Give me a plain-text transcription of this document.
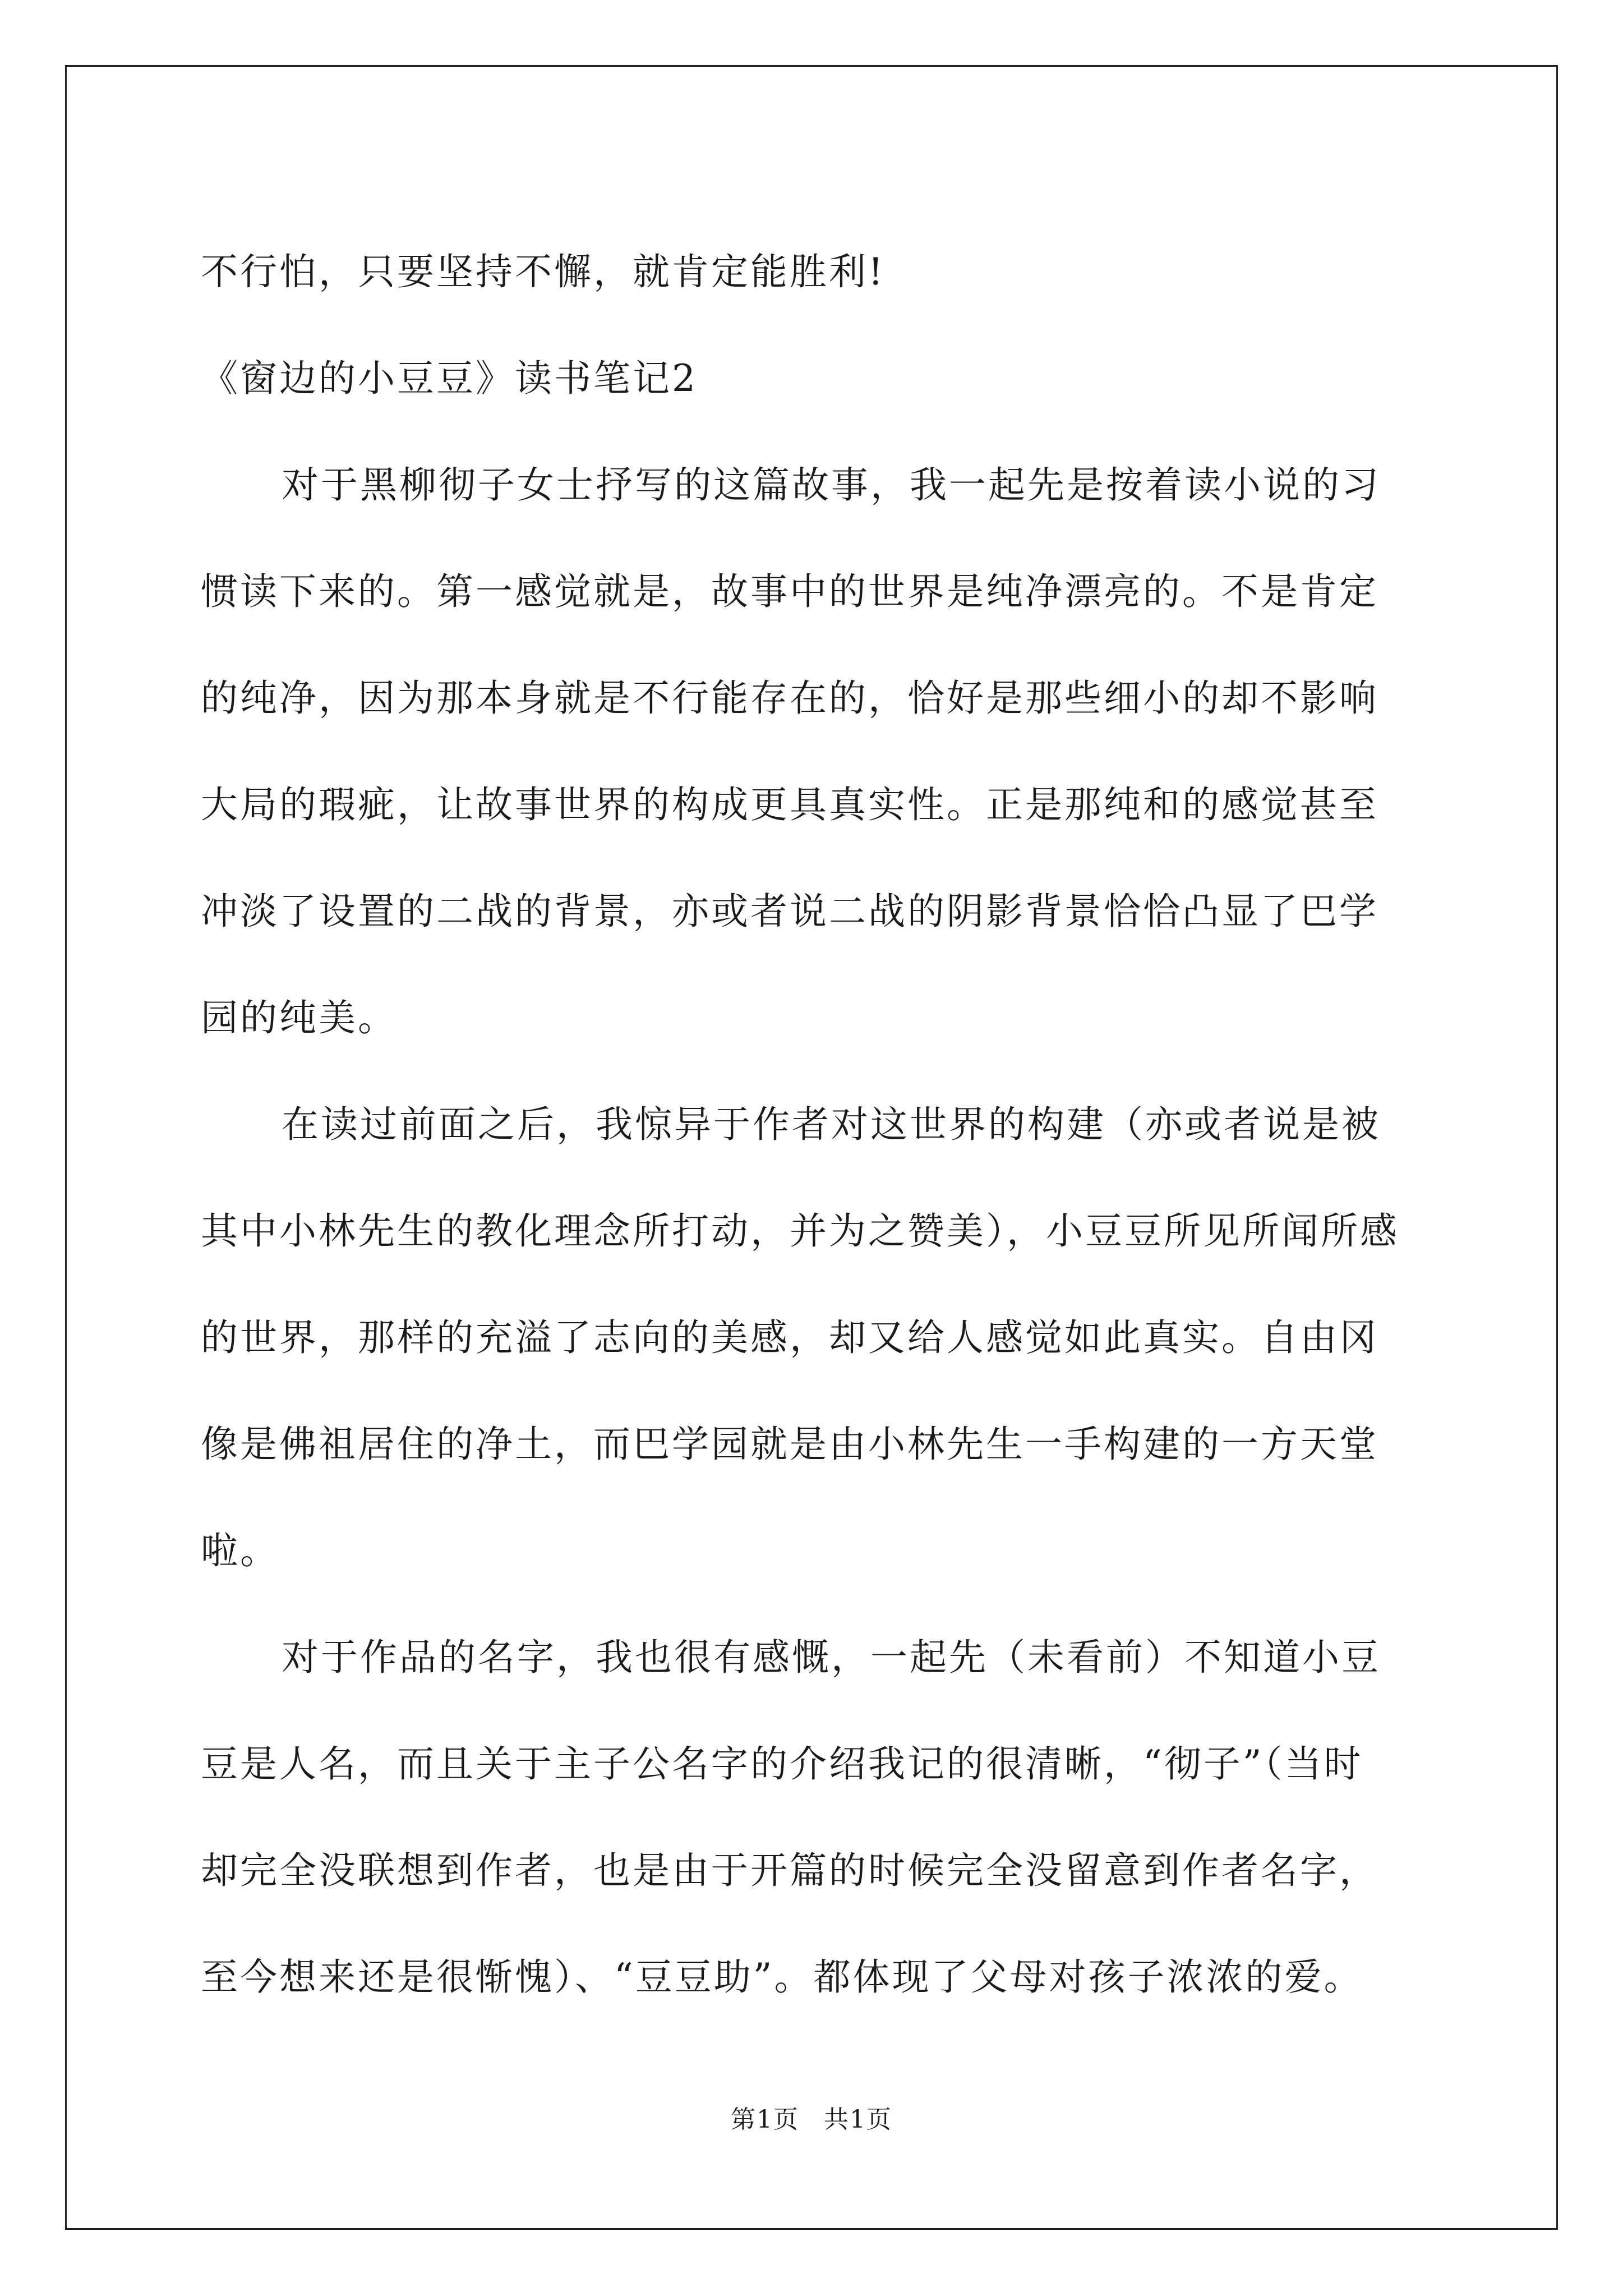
不行怕，只要坚持不懈，就肯定能胜利!
《窗边的小豆豆》读书笔记2
对于黑柳彻子女士抒写的这篇故事，我一起先是按着读小说的习
惯读下来的。第一感觉就是，故事中的世界是纯净漂亮的。不是肯定
的纯净，因为那本身就是不行能存在的，恰好是那些细小的却不影响
大局的瑕疵，让故事世界的构成更具真实性。正是那纯和的感觉甚至
冲淡了设置的二战的背景，亦或者说二战的阴影背景恰恰凸显了巴学
园的纯美。
在读过前面之后，我惊异于作者对这世界的构建（亦或者说是被
其中小林先生的教化理念所打动，并为之赞美），小豆豆所见所闻所感
的世界，那样的充溢了志向的美感，却又给人感觉如此真实。自由冈
像是佛祖居住的净土，而巴学园就是由小林先生一手构建的一方天堂
啦。
对于作品的名字，我也很有感慨，一起先（未看前）不知道小豆
豆是人名，而且关于主子公名字的介绍我记的很清晰，“彻子”（当时
却完全没联想到作者，也是由于开篇的时候完全没留意到作者名字，
至今想来还是很惭愧）、“豆豆助”。都体现了父母对孩子浓浓的爱。
第1页 共1页
